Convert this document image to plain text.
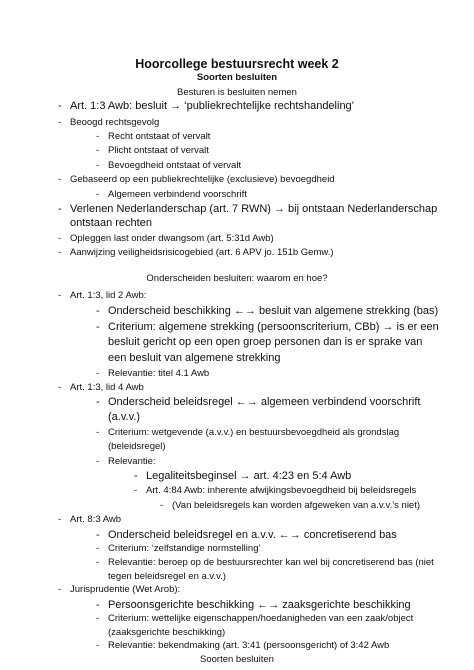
Hoorcollege bestuursrecht week 2
Soorten besluiten
Besturen is besluiten nemen
- Art. 1:3 Awb: besluit → ‘publiekrechtelijke rechtshandeling’
- Beoogd rechtsgevolg
- Recht ontstaat of vervalt
- Plicht ontstaat of vervalt
- Bevoegdheid ontstaat of vervalt
- Gebaseerd op een publiekrechtelijke (exclusieve) bevoegdheid
- Algemeen verbindend voorschrift
- Verlenen Nederlanderschap (art. 7 RWN) → bij ontstaan Nederlanderschap
ontstaan rechten
- Opleggen last onder dwangsom (art. 5:31d Awb)
- Aanwijzing veiligheidsrisicogebied (art. 6 APV jo. 151b Gemw.)
Onderscheiden besluiten: waarom en hoe?
- Art. 1:3, lid 2 Awb:
- Onderscheid beschikking ←→ besluit van algemene strekking (bas)
- Criterium: algemene strekking (persoonscriterium, CBb) → is er een
besluit gericht op een open groep personen dan is er sprake van
een besluit van algemene strekking
- Relevantie: titel 4.1 Awb
- Art. 1:3, lid 4 Awb
- Onderscheid beleidsregel ←→ algemeen verbindend voorschrift
(a.v.v.)
- Criterium: wetgevende (a.v.v.) en bestuursbevoegdheid als grondslag
(beleidsregel)
- Relevantie:
- Legaliteitsbeginsel → art. 4:23 en 5:4 Awb
- Art. 4:84 Awb: inherente afwijkingsbevoegdheid bij beleidsregels
- (Van beleidsregels kan worden afgeweken van a.v.v.’s niet)
- Art. 8:3 Awb
- Onderscheid beleidsregel en a.v.v. ←→ concretiserend bas
- Criterium: ‘zelfstandige normstelling’
- Relevantie: beroep op de bestuursrechter kan wel bij concretiserend bas (niet
tegen beleidsregel en a.v.v.)
- Jurisprudentie (Wet Arob):
- Persoonsgerichte beschikking ←→ zaaksgerichte beschikking
- Criterium: wettelijke eigenschappen/hoedanigheden van een zaak/object
(zaaksgerichte beschikking)
- Relevantie: bekendmaking (art. 3:41 (persoonsgericht) of 3:42 Awb
Soorten besluiten
